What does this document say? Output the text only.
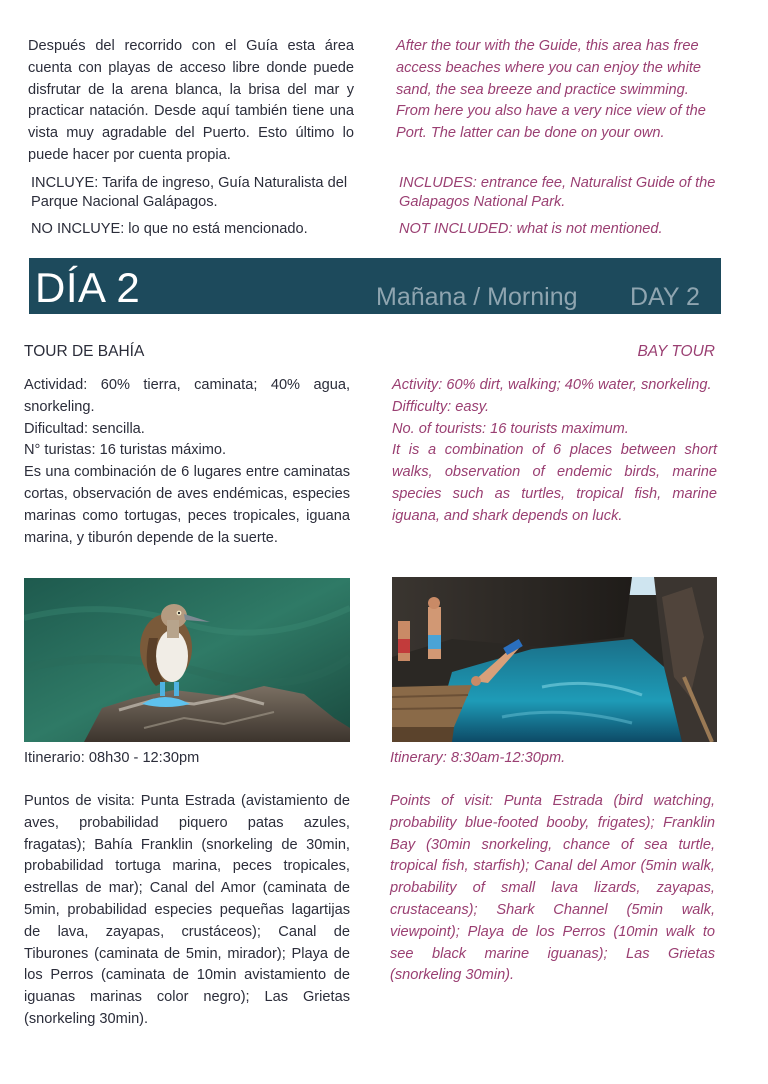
Después del recorrido con el Guía esta área cuenta con playas de acceso libre donde puede disfrutar de la arena blanca, la brisa del mar y practicar natación. Desde aquí también tiene una vista muy agradable del Puerto. Esto último lo puede hacer por cuenta propia.
After the tour with the Guide, this area has free access beaches where you can enjoy the white sand, the sea breeze and practice swimming. From here you also have a very nice view of the Port. The latter can be done on your own.
INCLUYE: Tarifa de ingreso, Guía Naturalista del Parque Nacional Galápagos.
INCLUDES: entrance fee, Naturalist Guide of the Galapagos National Park.
NO INCLUYE: lo que no está mencionado.	NOT INCLUDED: what is not mentioned.
DÍA 2	Mañana / Morning DAY 2
TOUR DE BAHÍA	BAY TOUR
Actividad: 60% tierra, caminata; 40% agua, snorkeling.
Dificultad: sencilla.
N° turistas: 16 turistas máximo.
Es una combinación de 6 lugares entre caminatas cortas, observación de aves endémicas, especies marinas como tortugas, peces tropicales, iguana marina, y tiburón depende de la suerte.
Activity: 60% dirt, walking; 40% water, snorkeling.
Difficulty: easy.
No. of tourists: 16 tourists maximum.
It is a combination of 6 places between short walks, observation of endemic birds, marine species such as turtles, tropical fish, marine iguana, and shark depends on luck.
Itinerario: 08h30 - 12:30pm	Itinerary: 8:30am-12:30pm.
Puntos de visita: Punta Estrada (avistamiento de aves, probabilidad piquero patas azules, fragatas); Bahía Franklin (snorkeling de 30min, probabilidad tortuga marina, peces tropicales, estrellas de mar); Canal del Amor (caminata de 5min, probabilidad especies pequeñas lagartijas de lava, zayapas, crustáceos); Canal de Tiburones (caminata de 5min, mirador); Playa de los Perros (caminata de 10min avistamiento de iguanas marinas color negro); Las Grietas (snorkeling 30min).
Points of visit: Punta Estrada (bird watching, probability blue-footed booby, frigates); Franklin Bay (30min snorkeling, chance of sea turtle, tropical fish, starfish); Canal del Amor (5min walk, probability of small lava lizards, zayapas, crustaceans); Shark Channel (5min walk, viewpoint); Playa de los Perros (10min walk to see black marine iguanas); Las Grietas (snorkeling 30min).
